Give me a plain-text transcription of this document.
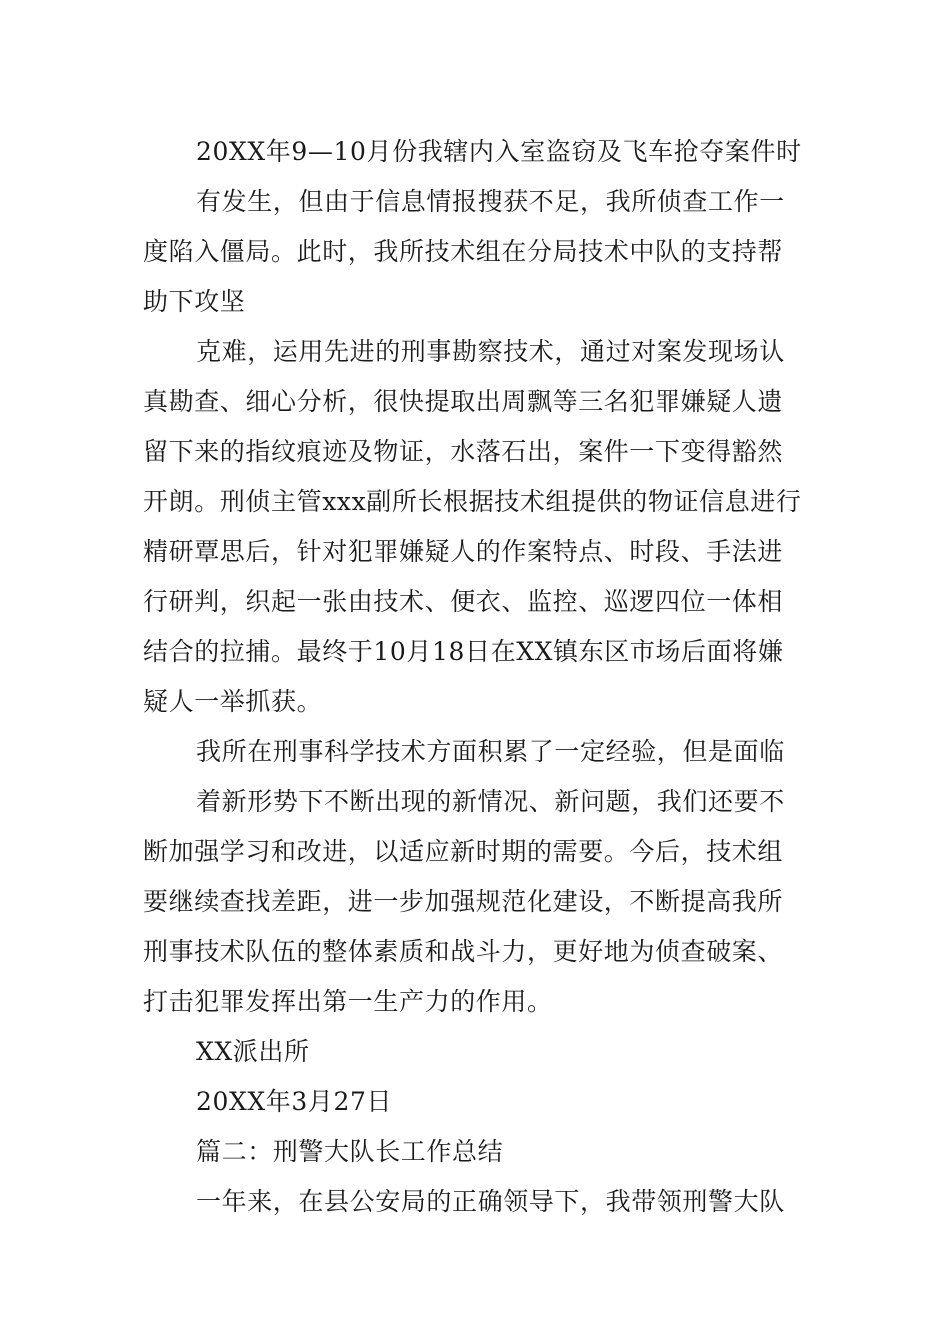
20XX年9—10月份我辖内入室盗窃及飞车抢夺案件时
有发生，但由于信息情报搜获不足，我所侦查工作一
度陷入僵局。此时，我所技术组在分局技术中队的支持帮
助下攻坚
克难，运用先进的刑事勘察技术，通过对案发现场认
真勘查、细心分析，很快提取出周飘等三名犯罪嫌疑人遗
留下来的指纹痕迹及物证，水落石出，案件一下变得豁然
开朗。刑侦主管xxx副所长根据技术组提供的物证信息进行
精研覃思后，针对犯罪嫌疑人的作案特点、时段、手法进
行研判，织起一张由技术、便衣、监控、巡逻四位一体相
结合的拉捕。最终于10月18日在XX镇东区市场后面将嫌
疑人一举抓获。
我所在刑事科学技术方面积累了一定经验，但是面临
着新形势下不断出现的新情况、新问题，我们还要不
断加强学习和改进，以适应新时期的需要。今后，技术组
要继续查找差距，进一步加强规范化建设，不断提高我所
刑事技术队伍的整体素质和战斗力，更好地为侦查破案、
打击犯罪发挥出第一生产力的作用。
XX派出所
20XX年3月27日
篇二：刑警大队长工作总结
一年来，在县公安局的正确领导下，我带领刑警大队
